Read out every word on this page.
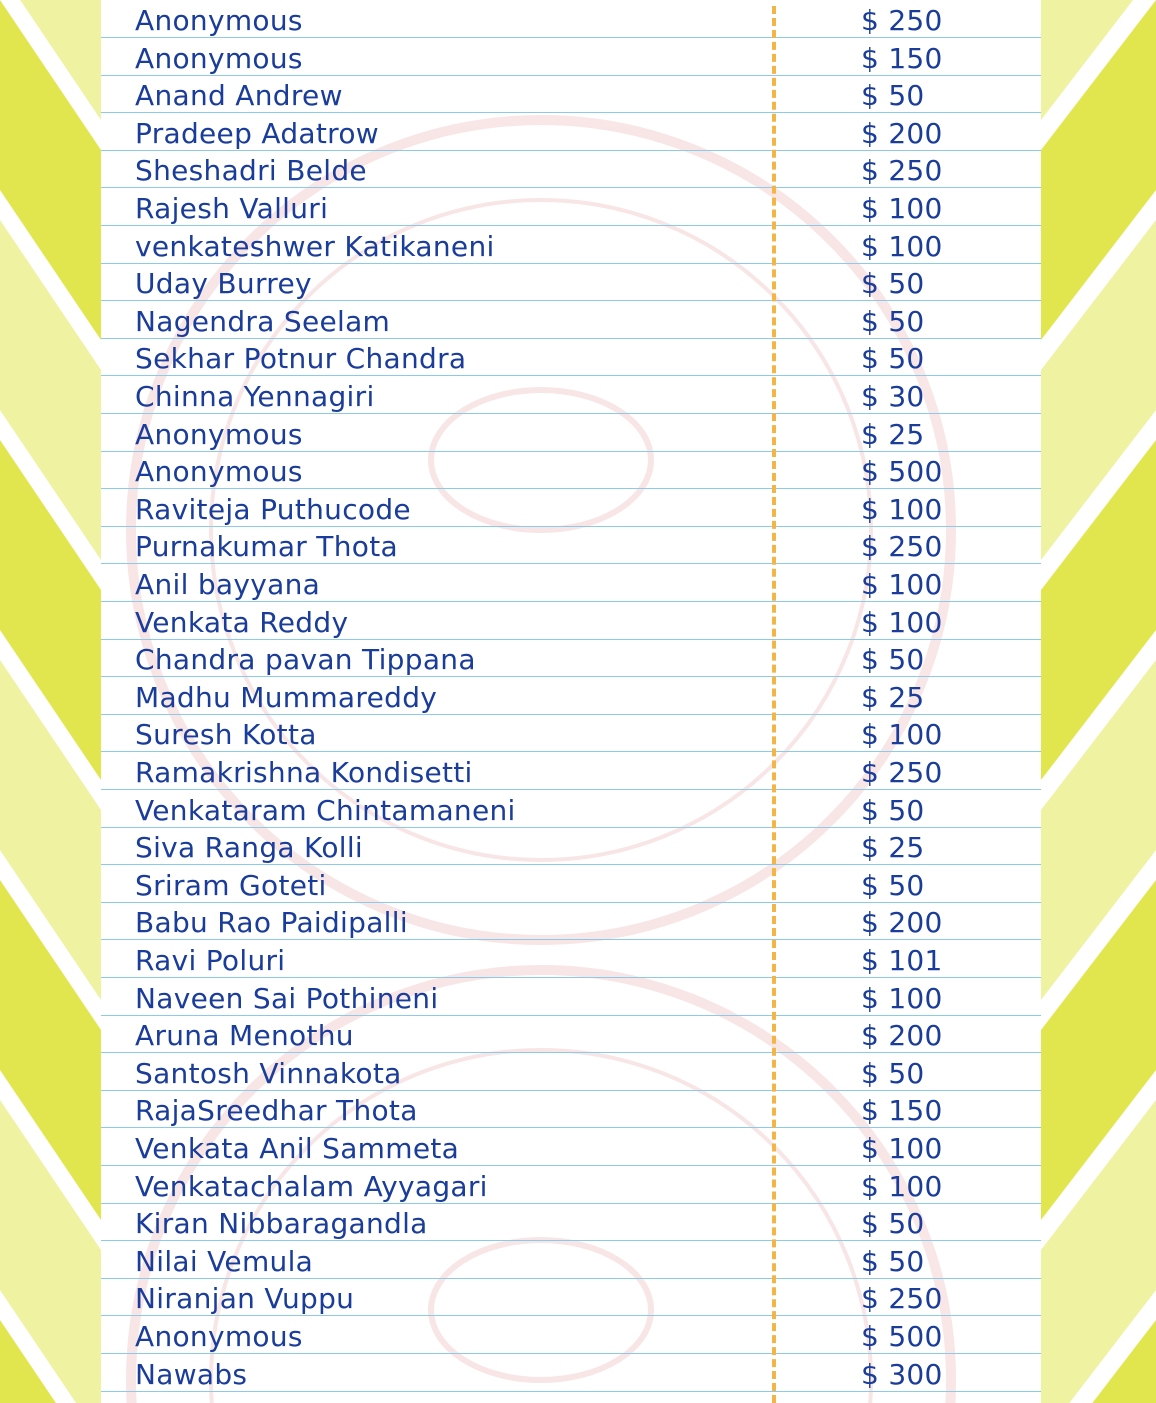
Anonymous	$ 250
Anonymous	$ 150
Anand Andrew	$ 50
Pradeep Adatrow	$ 200
Sheshadri Belde	$ 250
Rajesh Valluri	$ 100
venkateshwer Katikaneni	$ 100
Uday Burrey	$ 50
Nagendra Seelam	$ 50
Sekhar Potnur Chandra	$ 50
Chinna Yennagiri	$ 30
Anonymous	$ 25
Anonymous	$ 500
Raviteja Puthucode	$ 100
Purnakumar Thota	$ 250
Anil bayyana	$ 100
Venkata Reddy	$ 100
Chandra pavan Tippana	$ 50
Madhu Mummareddy	$ 25
Suresh Kotta	$ 100
Ramakrishna Kondisetti	$ 250
Venkataram Chintamaneni	$ 50
Siva Ranga Kolli	$ 25
Sriram Goteti	$ 50
Babu Rao Paidipalli	$ 200
Ravi Poluri	$ 101
Naveen Sai Pothineni	$ 100
Aruna Menothu	$ 200
Santosh Vinnakota	$ 50
RajaSreedhar Thota	$ 150
Venkata Anil Sammeta	$ 100
Venkatachalam Ayyagari	$ 100
Kiran Nibbaragandla	$ 50
Nilai Vemula	$ 50
Niranjan Vuppu	$ 250
Anonymous	$ 500
Nawabs	$ 300
